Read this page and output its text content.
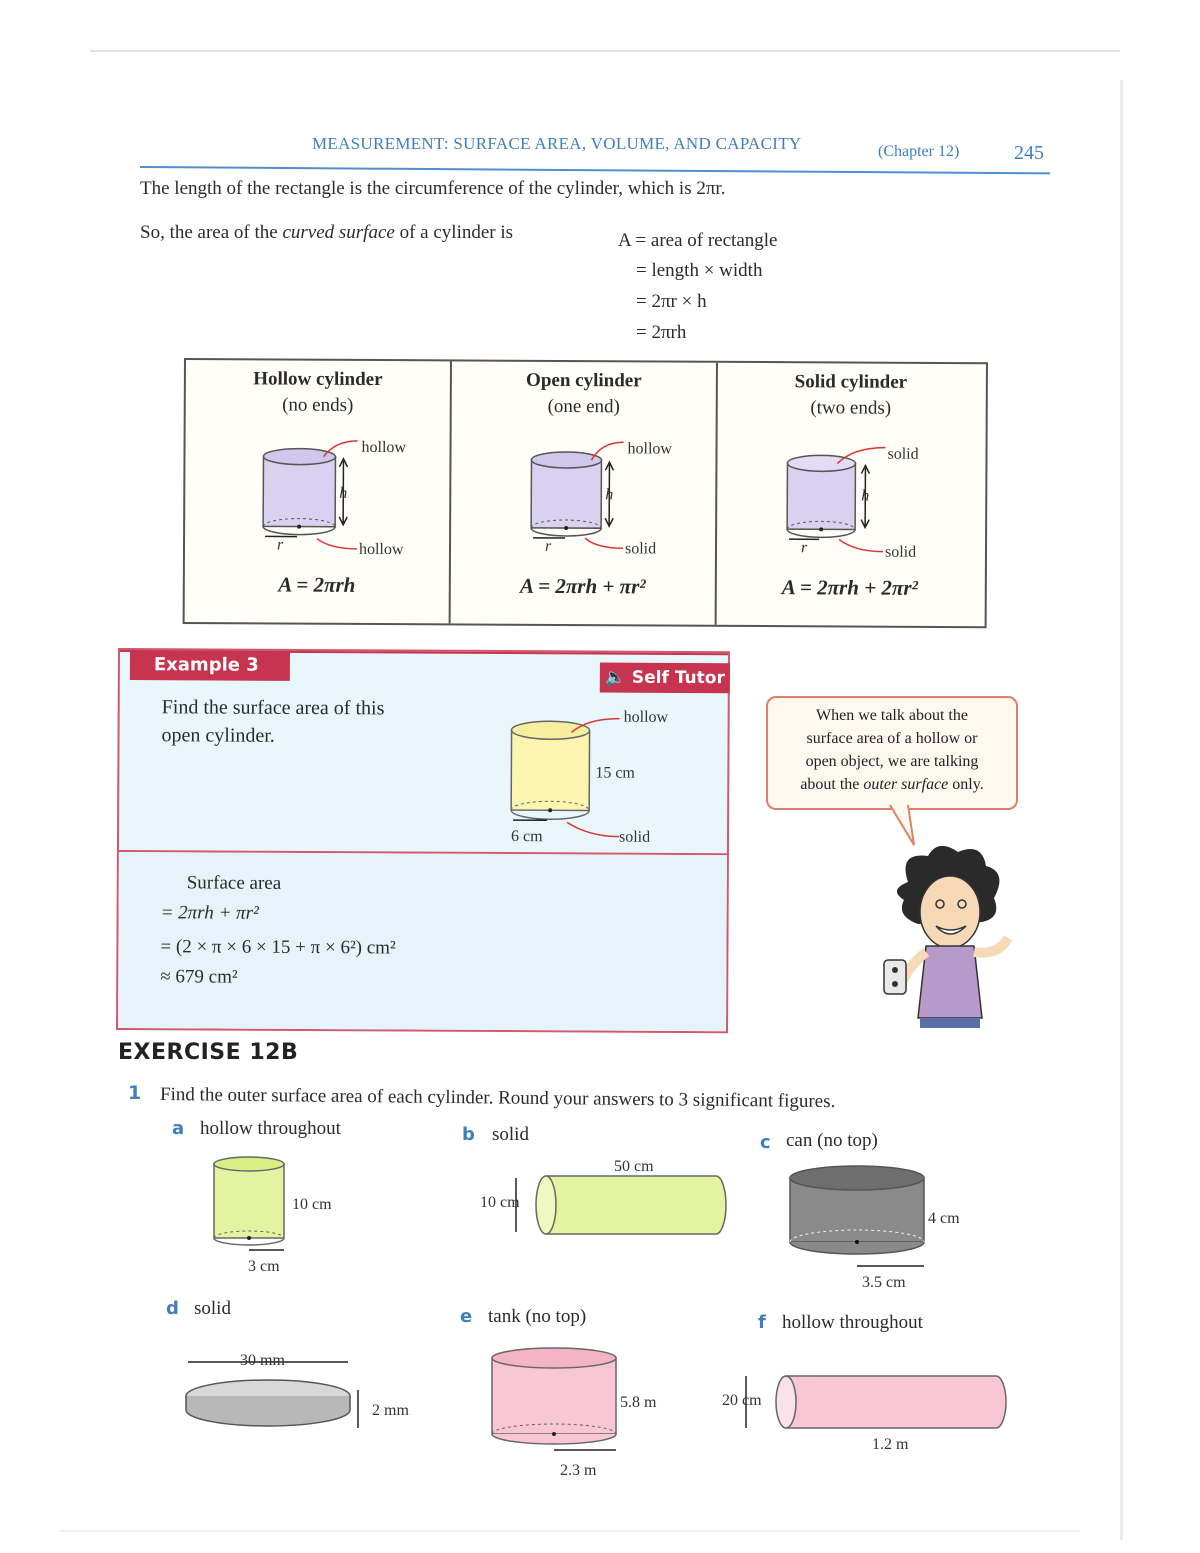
MEASUREMENT: SURFACE AREA, VOLUME, AND CAPACITY	(Chapter 12)	245
The length of the rectangle is the circumference of the cylinder, which is 2πr.
So, the area of the curved surface of a cylinder is	A = area of rectangle
= length × width
= 2πr × h
= 2πrh
Hollow cylinder
(no ends)
hollow
hollow
h
r
A = 2πrh
Open cylinder
(one end)
hollow
solid
h
r
A = 2πrh + πr²
Solid cylinder
(two ends)
solid
solid
h
r
A = 2πrh + 2πr²
Example 3
🔈 Self Tutor
Find the surface area of this
open cylinder.
hollow
solid
15 cm
6 cm
Surface area
= 2πrh + πr²
= (2 × π × 6 × 15 + π × 6²) cm²
≈ 679 cm²
When we talk about the
surface area of a hollow or
open object, we are talking
about the outer surface only.
EXERCISE 12B
1 Find the outer surface area of each cylinder. Round your answers to 3 significant figures.
a hollow throughout
10 cm
3 cm
b solid
50 cm
10 cm
c can (no top)
4 cm
3.5 cm
d solid
30 mm
2 mm
e tank (no top)
5.8 m
2.3 m
f hollow throughout
20 cm
1.2 m
